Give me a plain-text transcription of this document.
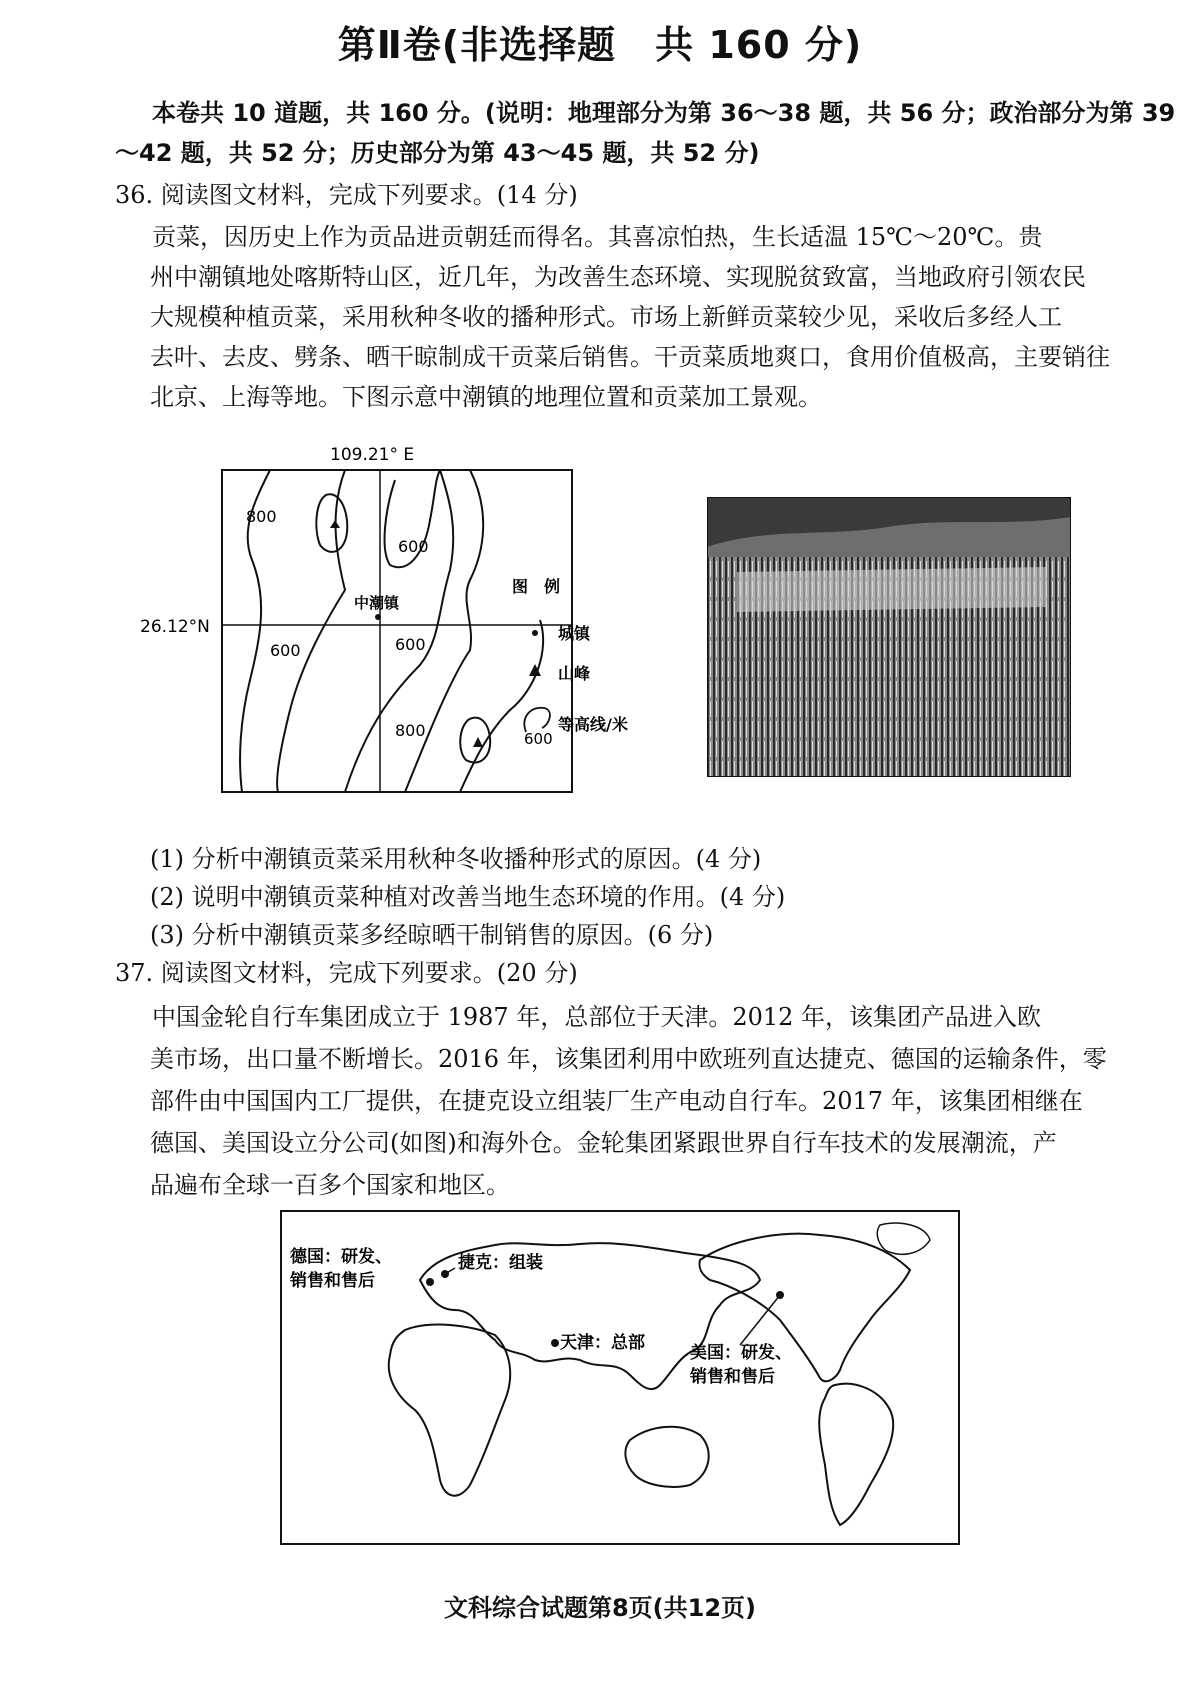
第Ⅱ卷(非选择题　共 160 分)
本卷共 10 道题，共 160 分。(说明：地理部分为第 36～38 题，共 56 分；政治部分为第 39
～42 题，共 52 分；历史部分为第 43～45 题，共 52 分)
36. 阅读图文材料，完成下列要求。(14 分)
贡菜，因历史上作为贡品进贡朝廷而得名。其喜凉怕热，生长适温 15℃～20℃。贵
州中潮镇地处喀斯特山区，近几年，为改善生态环境、实现脱贫致富，当地政府引领农民
大规模种植贡菜，采用秋种冬收的播种形式。市场上新鲜贡菜较少见，采收后多经人工
去叶、去皮、劈条、晒干晾制成干贡菜后销售。干贡菜质地爽口，食用价值极高，主要销往
北京、上海等地。下图示意中潮镇的地理位置和贡菜加工景观。
109.21° E
26.12°N
中潮镇
800
600
600	600
800
图　例
城镇
山峰
600
等高线/米
(1) 分析中潮镇贡菜采用秋种冬收播种形式的原因。(4 分)
(2) 说明中潮镇贡菜种植对改善当地生态环境的作用。(4 分)
(3) 分析中潮镇贡菜多经晾晒干制销售的原因。(6 分)
37. 阅读图文材料，完成下列要求。(20 分)
中国金轮自行车集团成立于 1987 年，总部位于天津。2012 年，该集团产品进入欧
美市场，出口量不断增长。2016 年，该集团利用中欧班列直达捷克、德国的运输条件，零
部件由中国国内工厂提供，在捷克设立组装厂生产电动自行车。2017 年，该集团相继在
德国、美国设立分公司(如图)和海外仓。金轮集团紧跟世界自行车技术的发展潮流，产
品遍布全球一百多个国家和地区。
德国：研发、
销售和售后
捷克：组装
天津：总部	美国：研发、
销售和售后
文科综合试题第8页(共12页)
